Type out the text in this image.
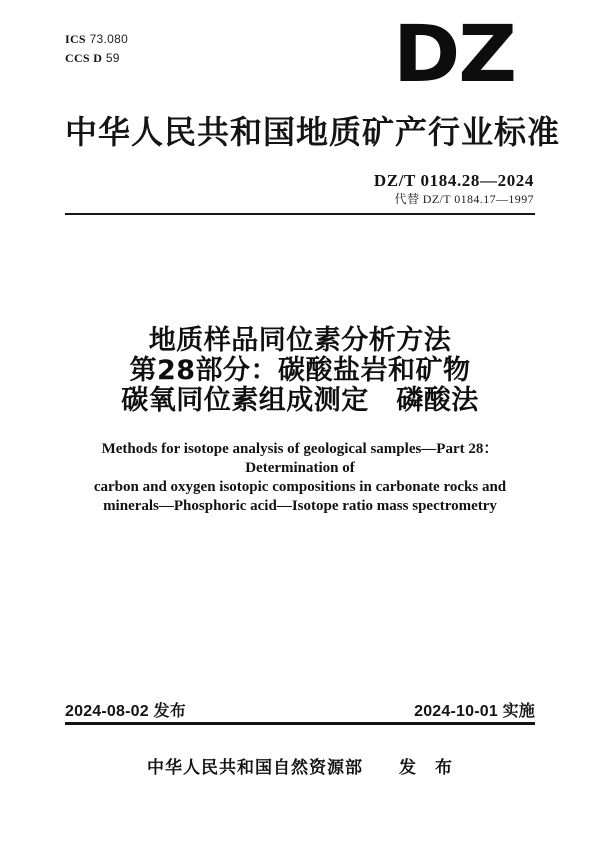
ICS 73.080
CCS D 59	DZ
中华人民共和国地质矿产行业标准
DZ/T 0184.28—2024
代替 DZ/T 0184.17—1997
地质样品同位素分析方法
第28部分：碳酸盐岩和矿物
碳氧同位素组成测定　磷酸法
Methods for isotope analysis of geological samples—Part 28：Determination of
carbon and oxygen isotopic compositions in carbonate rocks and
minerals—Phosphoric acid—Isotope ratio mass spectrometry
2024-08-02 发布	2024-10-01 实施
中华人民共和国自然资源部　　发　布
